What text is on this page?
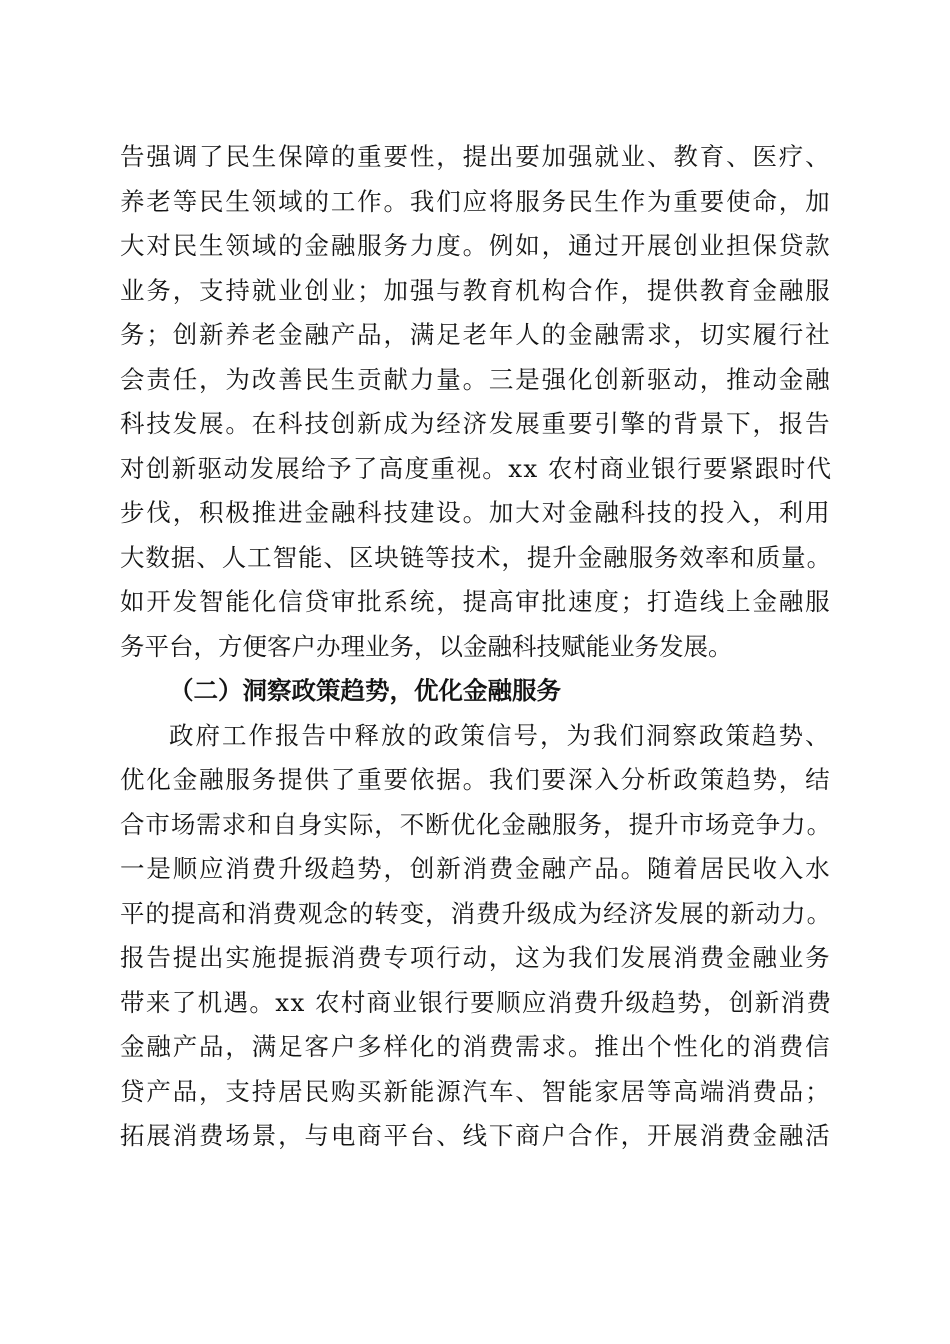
告强调了民生保障的重要性，提出要加强就业、教育、医疗、

养老等民生领域的工作。我们应将服务民生作为重要使命，加

大对民生领域的金融服务力度。例如，通过开展创业担保贷款

业务，支持就业创业；加强与教育机构合作，提供教育金融服

务；创新养老金融产品，满足老年人的金融需求，切实履行社

会责任，为改善民生贡献力量。三是强化创新驱动，推动金融

科技发展。在科技创新成为经济发展重要引擎的背景下，报告

对创新驱动发展给予了高度重视。xx 农村商业银行要紧跟时代

步伐，积极推进金融科技建设。加大对金融科技的投入，利用

大数据、人工智能、区块链等技术，提升金融服务效率和质量。

如开发智能化信贷审批系统，提高审批速度；打造线上金融服

务平台，方便客户办理业务，以金融科技赋能业务发展。

（二）洞察政策趋势，优化金融服务

政府工作报告中释放的政策信号，为我们洞察政策趋势、

优化金融服务提供了重要依据。我们要深入分析政策趋势，结

合市场需求和自身实际，不断优化金融服务，提升市场竞争力。

一是顺应消费升级趋势，创新消费金融产品。随着居民收入水

平的提高和消费观念的转变，消费升级成为经济发展的新动力。

报告提出实施提振消费专项行动，这为我们发展消费金融业务

带来了机遇。xx 农村商业银行要顺应消费升级趋势，创新消费

金融产品，满足客户多样化的消费需求。推出个性化的消费信

贷产品，支持居民购买新能源汽车、智能家居等高端消费品；

拓展消费场景，与电商平台、线下商户合作，开展消费金融活
